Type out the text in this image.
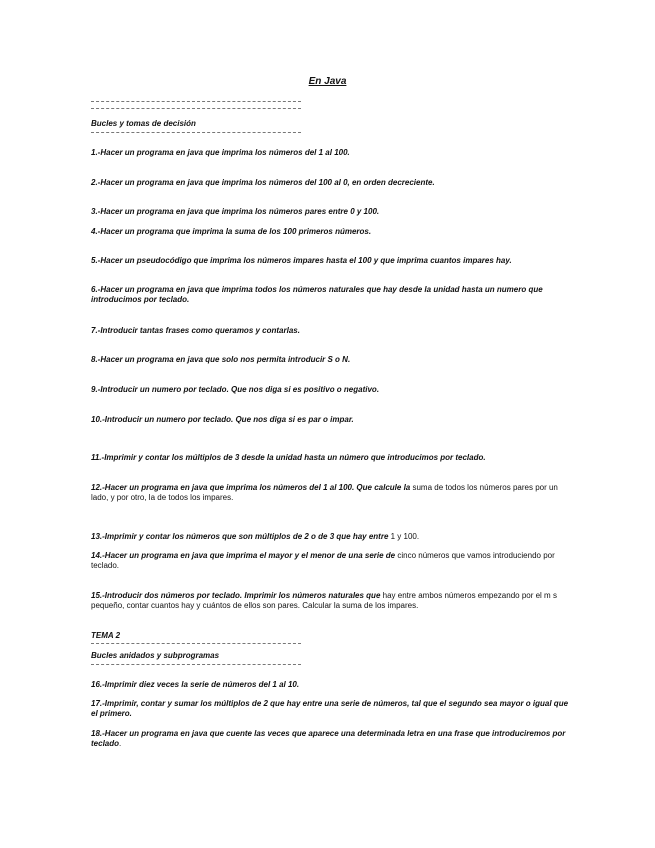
En Java
Bucles y tomas de decisión
1.-Hacer un programa en java que imprima los números del 1 al 100.
2.-Hacer un programa en java que imprima los números del 100 al 0, en orden decreciente.
3.-Hacer un programa en java que imprima los números pares entre 0 y 100.
4.-Hacer un programa que imprima la suma de los 100 primeros números.
5.-Hacer un pseudocódigo que imprima los números impares hasta el 100 y que imprima cuantos impares hay.
6.-Hacer un programa en java que imprima todos los números naturales que hay desde la unidad hasta un numero que introducimos por teclado.
7.-Introducir tantas frases como queramos y contarlas.
8.-Hacer un programa en java que solo nos permita introducir S o N.
9.-Introducir un numero por teclado. Que nos diga si es positivo o negativo.
10.-Introducir un numero por teclado. Que nos diga si es par o impar.
11.-Imprimir y contar los múltiplos de 3 desde la unidad hasta un número que introducimos por teclado.
12.-Hacer un programa en java que imprima los números del 1 al 100. Que calcule la suma de todos los números pares por un lado, y por otro, la de todos los impares.
13.-Imprimir y contar los números que son múltiplos de 2 o de 3 que hay entre 1 y 100.
14.-Hacer un programa en java que imprima el mayor y el menor de una serie de cinco números que vamos introduciendo por teclado.
15.-Introducir dos números por teclado. Imprimir los números naturales que hay entre ambos números empezando por el m s pequeño, contar cuantos hay y cuántos de ellos son pares. Calcular la suma de los impares.
TEMA 2
Bucles anidados y subprogramas
16.-Imprimir diez veces la serie de números del 1 al 10.
17.-Imprimir, contar y sumar los múltiplos de 2 que hay entre una serie de números, tal que el segundo sea mayor o igual que el primero.
18.-Hacer un programa en java que cuente las veces que aparece una determinada letra en una frase que introduciremos por teclado.
